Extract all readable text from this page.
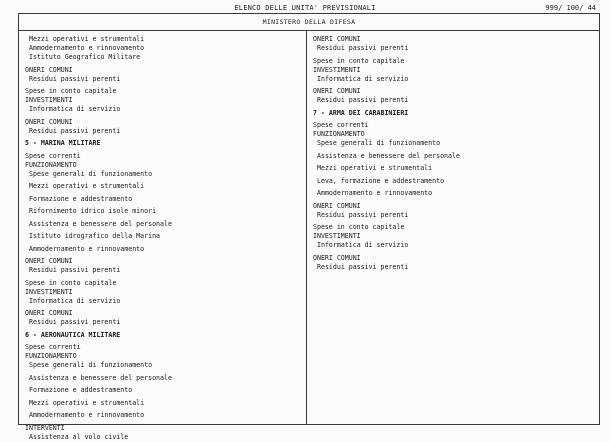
ELENCO DELLE UNITA' PREVISIONALI	999/ 100/ 44
MINISTERO DELLA DIFESA
Mezzi operativi e strumentali
Ammodernamento e rinnovamento
Istituto Geografico Militare
ONERI COMUNI
Residui passivi perenti
Spese in conto capitale
INVESTIMENTI
Informatica di servizio
ONERI COMUNI
Residui passivi perenti
5 - MARINA MILITARE
Spese correnti
FUNZIONAMENTO
Spese generali di funzionamento
Mezzi operativi e strumentali
Formazione e addestramento
Rifornimento idrico isole minori
Assistenza e benessere del personale
Istituto idrografico della Marina
Ammodernamento e rinnovamento
ONERI COMUNI
Residui passivi perenti
Spese in conto capitale
INVESTIMENTI
Informatica di servizio
ONERI COMUNI
Residui passivi perenti
6 - AERONAUTICA MILITARE
Spese correnti
FUNZIONAMENTO
Spese generali di funzionamento
Assistenza e benessere del personale
Formazione e addestramento
Mezzi operativi e strumentali
Ammodernamento e rinnovamento
INTERVENTI
Assistenza al volo civile
ONERI COMUNI
Residui passivi perenti
Spese in conto capitale
INVESTIMENTI
Informatica di servizio
ONERI COMUNI
Residui passivi perenti
7 - ARMA DEI CARABINIERI
Spese correnti
FUNZIONAMENTO
Spese generali di funzionamento
Assistenza e benessere del personale
Mezzi operativi e strumentali
Leva, formazione e addestramento
Ammodernamento e rinnovamento
ONERI COMUNI
Residui passivi perenti
Spese in conto capitale
INVESTIMENTI
Informatica di servizio
ONERI COMUNI
Residui passivi perenti
